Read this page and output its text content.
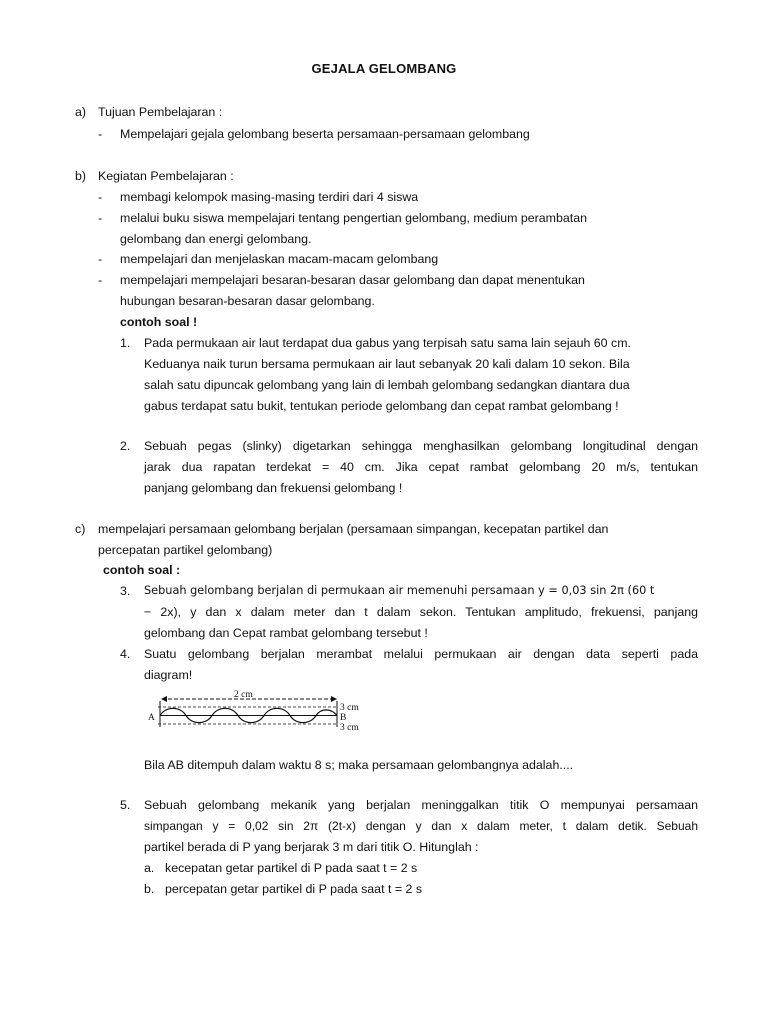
GEJALA GELOMBANG
a) Tujuan Pembelajaran :
- Mempelajari gejala gelombang beserta persamaan-persamaan gelombang
b) Kegiatan Pembelajaran :
- membagi kelompok masing-masing terdiri dari 4 siswa
- melalui buku siswa mempelajari tentang pengertian gelombang, medium perambatan
gelombang dan energi gelombang.
- mempelajari dan menjelaskan macam-macam gelombang
- mempelajari mempelajari besaran-besaran dasar gelombang dan dapat menentukan
hubungan besaran-besaran dasar gelombang.
contoh soal !
1. Pada permukaan air laut terdapat dua gabus yang terpisah satu sama lain sejauh 60 cm.
Keduanya naik turun bersama permukaan air laut sebanyak 20 kali dalam 10 sekon. Bila
salah satu dipuncak gelombang yang lain di lembah gelombang sedangkan diantara dua
gabus terdapat satu bukit, tentukan periode gelombang dan cepat rambat gelombang !
2. Sebuah pegas (slinky) digetarkan sehingga menghasilkan gelombang longitudinal dengan
jarak dua rapatan terdekat = 40 cm. Jika cepat rambat gelombang 20 m/s, tentukan
panjang gelombang dan frekuensi gelombang !
c) mempelajari persamaan gelombang berjalan (persamaan simpangan, kecepatan partikel dan
percepatan partikel gelombang)
contoh soal :
3. Sebuah gelombang berjalan di permukaan air memenuhi persamaan y = 0,03 sin 2π (60 t
− 2x), y dan x dalam meter dan t dalam sekon. Tentukan amplitudo, frekuensi, panjang
gelombang dan Cepat rambat gelombang tersebut !
4. Suatu gelombang berjalan merambat melalui permukaan air dengan data seperti pada
diagram!
2 cm
A	B
3 cm
3 cm
Bila AB ditempuh dalam waktu 8 s; maka persamaan gelombangnya adalah....
5. Sebuah gelombang mekanik yang berjalan meninggalkan titik O mempunyai persamaan
simpangan y = 0,02 sin 2π (2t-x) dengan y dan x dalam meter, t dalam detik. Sebuah
partikel berada di P yang berjarak 3 m dari titik O. Hitunglah :
a. kecepatan getar partikel di P pada saat t = 2 s
b. percepatan getar partikel di P pada saat t = 2 s
